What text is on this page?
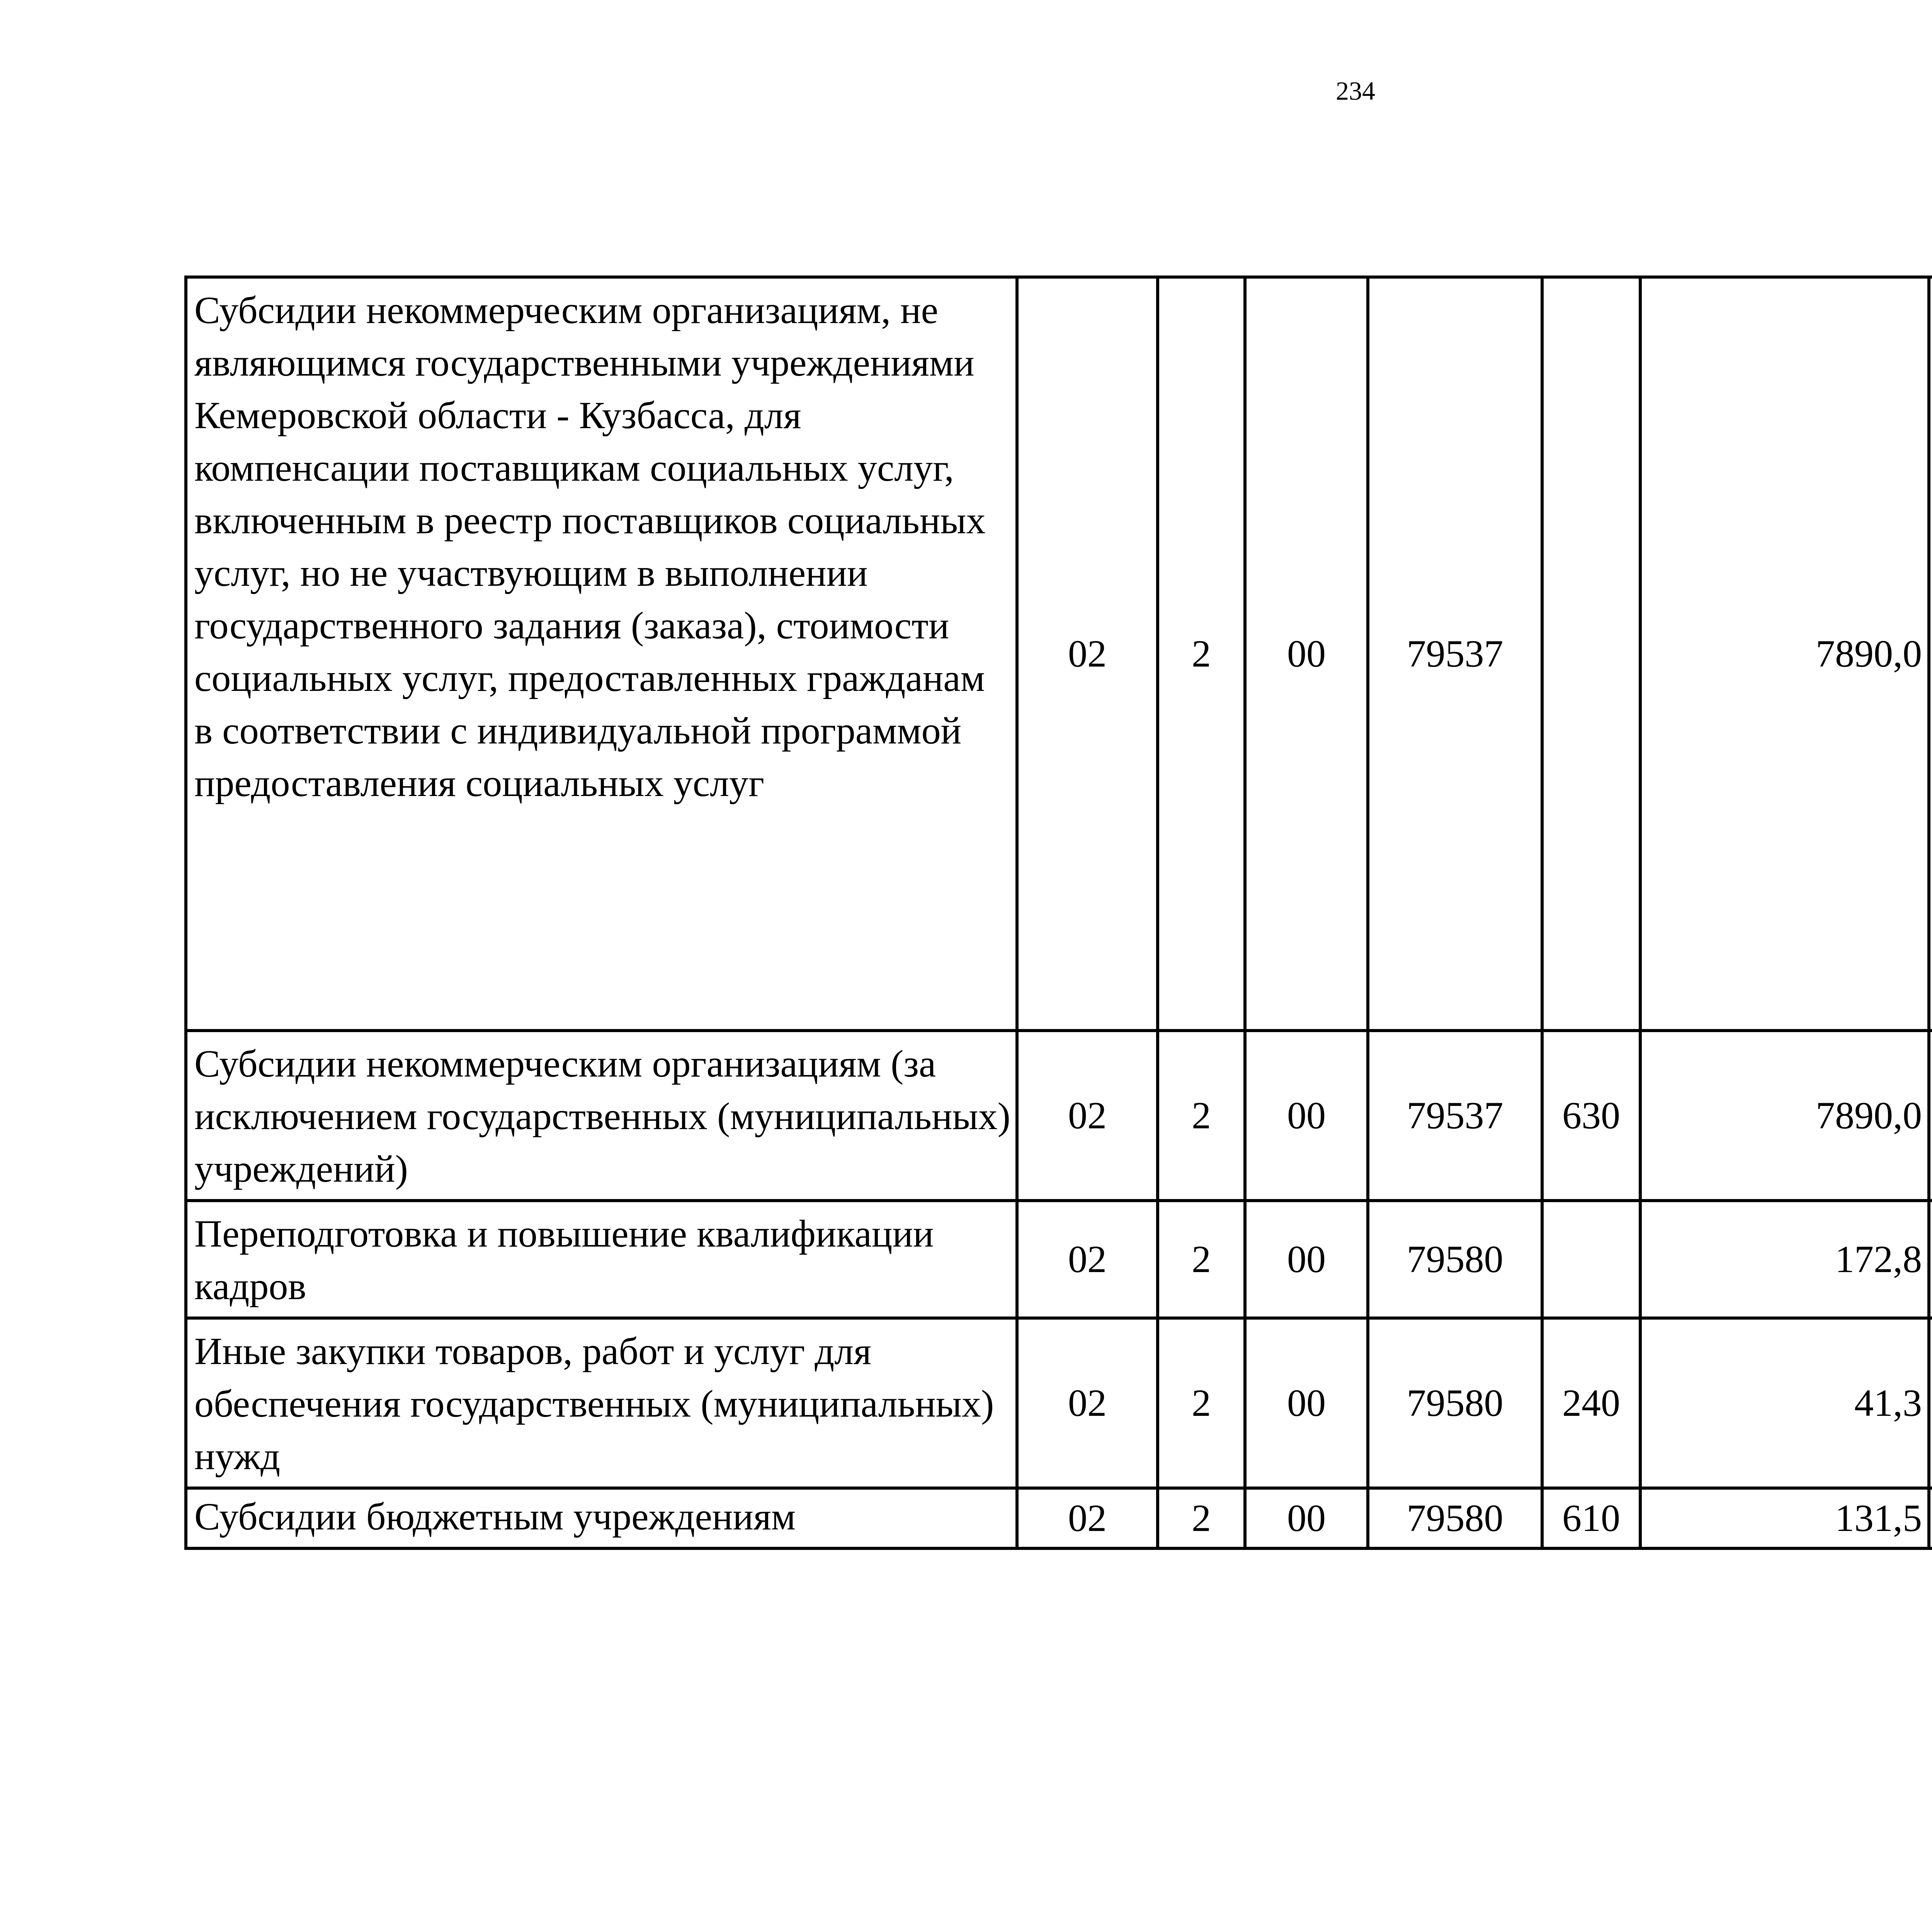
234
Субсидии некоммерческим организациям, не являющимся государственными учреждениями Кемеровской области - Кузбасса, для компенсации поставщикам социальных услуг, включенным в реестр поставщиков социальных услуг, но не участвующим в выполнении государственного задания (заказа), стоимости социальных услуг, предоставленных гражданам в соответствии с индивидуальной программой предоставления социальных услуг	02	2	00	79537		7890,0		
Субсидии некоммерческим организациям (за исключением государственных (муниципальных) учреждений)	02	2	00	79537	630	7890,0		
Переподготовка и повышение квалификации кадров	02	2	00	79580		172,8		
Иные закупки товаров, работ и услуг для обеспечения государственных (муниципальных) нужд	02	2	00	79580	240	41,3		
Субсидии бюджетным учреждениям	02	2	00	79580	610	131,5		
